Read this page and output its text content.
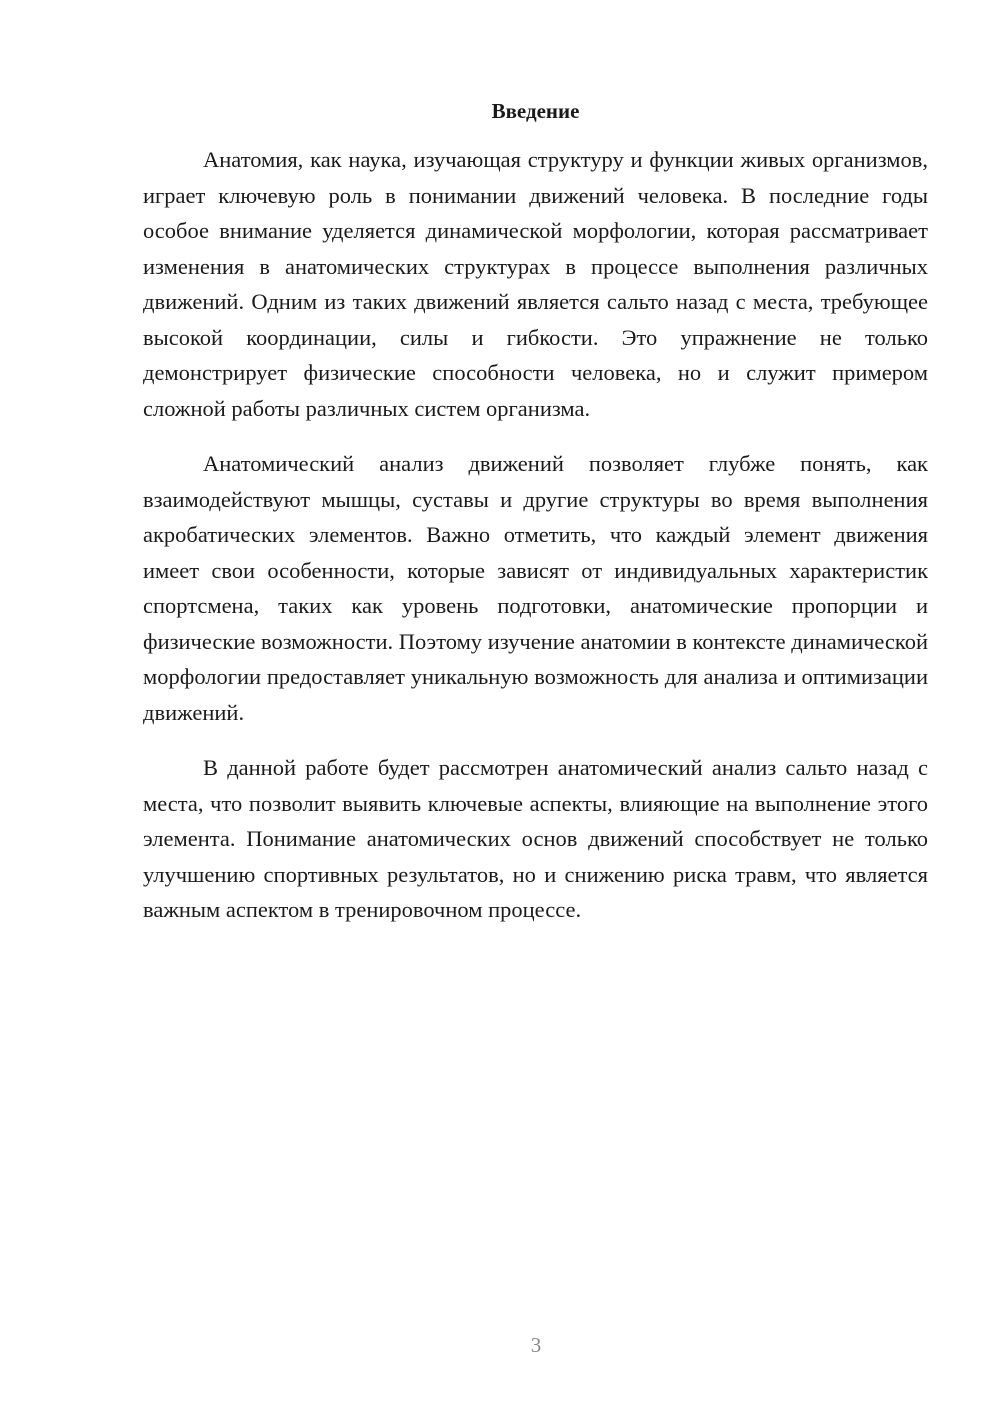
Введение

Анатомия, как наука, изучающая структуру и функции живых организмов, играет ключевую роль в понимании движений человека. В последние годы особое внимание уделяется динамической морфологии, которая рассматривает изменения в анатомических структурах в процессе выполнения различных движений. Одним из таких движений является сальто назад с места, требующее высокой координации, силы и гибкости. Это упражнение не только демонстрирует физические способности человека, но и служит примером сложной работы различных систем организма.

Анатомический анализ движений позволяет глубже понять, как взаимодействуют мышцы, суставы и другие структуры во время выполнения акробатических элементов. Важно отметить, что каждый элемент движения имеет свои особенности, которые зависят от индивидуальных характеристик спортсмена, таких как уровень подготовки, анатомические пропорции и физические возможности. Поэтому изучение анатомии в контексте динамической морфологии предоставляет уникальную возможность для анализа и оптимизации движений.

В данной работе будет рассмотрен анатомический анализ сальто назад с места, что позволит выявить ключевые аспекты, влияющие на выполнение этого элемента. Понимание анатомических основ движений способствует не только улучшению спортивных результатов, но и снижению риска травм, что является важным аспектом в тренировочном процессе.

3
